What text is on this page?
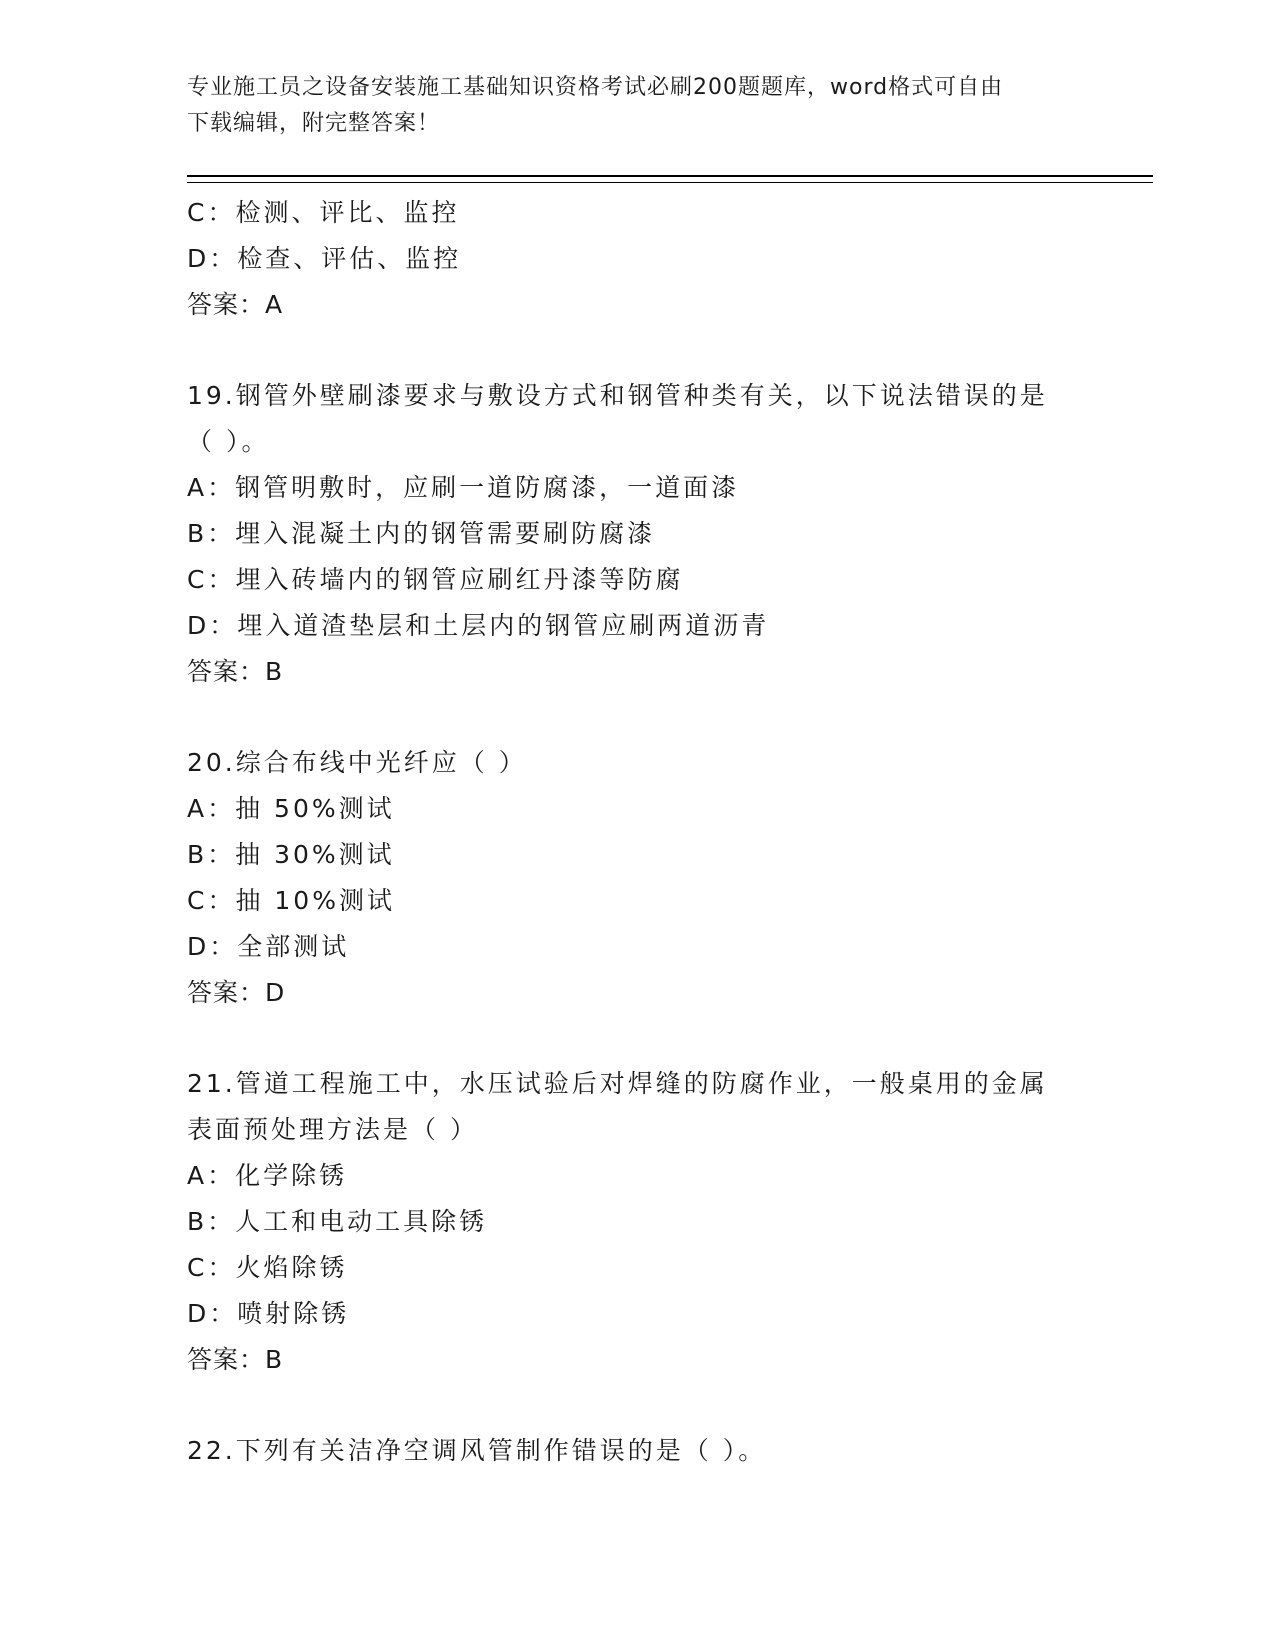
专业施工员之设备安装施工基础知识资格考试必刷200题题库，word格式可自由
下载编辑，附完整答案！
C：检测、评比、监控
D：检查、评估、监控
答案：A
19.钢管外壁刷漆要求与敷设方式和钢管种类有关，以下说法错误的是
（ ）。
A：钢管明敷时，应刷一道防腐漆，一道面漆
B：埋入混凝土内的钢管需要刷防腐漆
C：埋入砖墙内的钢管应刷红丹漆等防腐
D：埋入道渣垫层和土层内的钢管应刷两道沥青
答案：B
20.综合布线中光纤应（ ）
A：抽 50%测试
B：抽 30%测试
C：抽 10%测试
D：全部测试
答案：D
21.管道工程施工中，水压试验后对焊缝的防腐作业，一般桌用的金属
表面预处理方法是（ ）
A：化学除锈
B：人工和电动工具除锈
C：火焰除锈
D：喷射除锈
答案：B
22.下列有关洁净空调风管制作错误的是（ ）。
